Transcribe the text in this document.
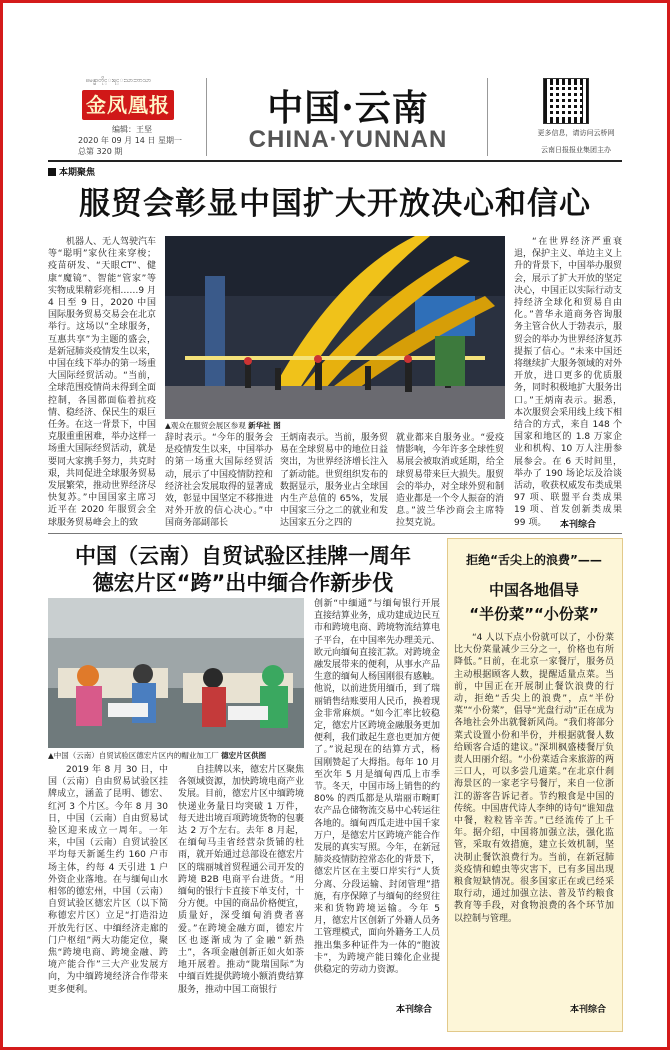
ၿမန္မာတိုင္းရင္းသားဘာသာ
金凤凰报
编辑：王坚
2020 年 09 月 14 日 星期一
总第 320 期
中国·云南
CHINA·YUNNAN	更多信息，请访问云桥网
云南日报报业集团主办
本期聚焦
服贸会彰显中国扩大开放决心和信心
机器人、无人驾驶汽车等“聪明”家伙往来穿梭；疫苗研发、“天眼CT”、健康“魔镜”、智能“管家”等实物成果精彩亮相……9 月 4 日至 9 日，2020 中国国际服务贸易交易会在北京举行。这场以“全球服务，互惠共享”为主题的盛会，是新冠肺炎疫情发生以来，中国在线下举办的第一场重大国际经贸活动。“当前，全球范围疫情尚未得到全面控制，各国都面临着抗疫情、稳经济、保民生的艰巨任务。在这一背景下，中国克服重重困难，举办这样一场重大国际经贸活动，就是要同大家携手努力，共克时艰，共同促进全球服务贸易发展繁荣，推动世界经济尽快复苏。”中国国家主席习近平在 2020 年服贸会全球服务贸易峰会上的致
▲观众在服贸会展区参观 新华社 图
辞时表示。“今年的服务会是疫情发生以来，中国举办的第一场重大国际经贸活动，展示了中国疫情防控和经济社会发展取得的显著成效，彰显中国坚定不移推进对外开放的信心决心。”中国商务部副部长
王炳南表示。当前，服务贸易在全球贸易中的地位日益突出，为世界经济增长注入了新动能。世贸组织发布的数据显示，服务业占全球国内生产总值的 65%，发展中国家三分之二的就业和发达国家五分之四的
就业都来自服务业。“爱疫情影响，今年许多全球性贸易展会被取消或延期，给全球贸易带来巨大损失。服贸会的举办，对全球外贸和制造业都是一个令人振奋的消息。”波兰华沙商会主席特拉契克说。
“在世界经济严重衰退，保护主义、单边主义上升的背景下，中国举办服贸会，展示了扩大开放的坚定决心，中国正以实际行动支持经济全球化和贸易自由化。”普华永道商务咨询服务主管合伙人于勃表示，服贸会的举办为世界经济复苏提振了信心。“未来中国还将继续扩大服务领域的对外开放，进口更多的优质服务，同时积极地扩大服务出口。”王炳南表示。据悉，本次服贸会采用线上线下相结合的方式，来自 148 个国家和地区的 1.8 万家企业和机构、10 万人注册参展参会。在 6 天时间里，举办了 190 场论坛及洽谈活动，收获权威发布类成果 97 项、联盟平台类成果 19 项、首发创新类成果 99 项。	本刊综合
中国（云南）自贸试验区挂牌一周年
德宏片区“跨”出中缅合作新步伐
▲中国（云南）自贸试验区德宏片区内的帽业加工厂 德宏片区供图
2019 年 8 月 30 日，中国（云南）自由贸易试验区挂牌成立，涵盖了昆明、德宏、红河 3 个片区。今年 8 月 30 日，中国（云南）自由贸易试验区迎来成立一周年。一年来，中国（云南）自贸试验区平均每天新诞生约 160 户市场主体，约每 4 天引进 1 户外资企业落地。在与缅甸山水相邻的德宏州，中国（云南）自贸试验区德宏片区（以下简称德宏片区）立足“打造沿边开放先行区、中缅经济走廊的门户枢纽”两大功能定位，聚焦“跨境电商、跨境金融、跨境产能合作”三大产业发展方向，为中缅跨境经济合作带来更多便利。
自挂牌以来，德宏片区聚焦各领域资源，加快跨境电商产业发展。目前，德宏片区中缅跨境快递业务量日均突破 1 万件，每天进出境百项跨境货物的包裹达 2 万个左右。去年 8 月起，在缅甸马圭省经营杂货铺的杜雨，就开始通过总部设在德宏片区的瑞丽城首贸程通公司开发的跨境 B2B 电商平台进货。“用缅甸的银行卡直接下单支付，十分方便。中国的商品价格便宜，质量好，深受缅甸消费者喜爱。”在跨境金融方面，德宏片区也逐渐成为了金融“新热土”，各项金融创新正如火如荼地开展着。推动“陇瑞国际”为中缅百姓提供跨境小额消费结算服务，推动中国工商银行
创新“中缅通”与缅甸银行开展直接结算业务，成功建成边民互市和跨境电商、跨境物流结算电子平台，在中国率先办理美元、欧元向缅甸直接汇款。对跨境金融发展带来的便利，从事水产品生意的缅甸人杨国刚很有感触。他说，以前进货用缅币，到了瑞丽销售结账要用人民币，换着现金非常麻烦。“如今汇率比较稳定，德宏片区跨境金融服务更加便利，我们敢起生意也更加方便了。”说起现在的结算方式，杨国刚赞起了大拇指。每年 10 月至次年 5 月是缅甸西瓜上市季节。冬天，中国市场上销售的约 80% 的西瓜都是从瑞丽市畹町农产品仓储物流交易中心转运往各地的。缅甸西瓜走进中国千家万户，是德宏片区跨境产能合作发展的真实写照。今年，在新冠肺炎疫情防控常态化的背景下，德宏片区在主要口岸实行“人货分离、分段运输、封闭管理”措施，有序保障了与缅甸的经贸往来和货物跨境运输。今年 5 月，德宏片区创新了外籍人员务工管理模式，面向外籍务工人员推出集多种证件为一体的“胞波卡”，为跨境产能日臻化企业提供稳定的劳动力资源。
本刊综合
拒绝“舌尖上的浪费”——
中国各地倡导
“半份菜”“小份菜”
“4 人以下点小份就可以了，小份菜比大份菜量减少三分之一，价格也有所降低。”日前，在北京一家餐厅，服务员主动根据顾客人数，提醒适量点菜。当前，中国正在开展制止餐饮浪费的行动，拒绝“舌尖上的浪费”，点“半份菜”“小份菜”，倡导“光盘行动”正在成为各地社会外出就餐新风尚。“我们将部分菜式设置小份和半份，并根据就餐人数给顾客合适的建议。”深圳枫盛楼餐厅负责人田丽介绍。“小份菜适合来旅游的两三口人，可以多尝几道菜。”在北京什刹海景区的一家老字号餐厅，来自一位浙江的游客告诉记者。节约粮食是中国的传统。中国唐代诗人李绅的诗句“谁知盘中餐，粒粒皆辛苦。”已经流传了上千年。据介绍，中国将加强立法，强化监管，采取有效措施，建立长效机制，坚决制止餐饮浪费行为。当前，在新冠肺炎疫情和蝗虫等灾害下，已有多国出现粮食短缺情况。很多国家正在或已经采取行动，通过加强立法、普及节约粮食教育等手段，对食物浪费的各个环节加以控制与管理。
本刊综合
